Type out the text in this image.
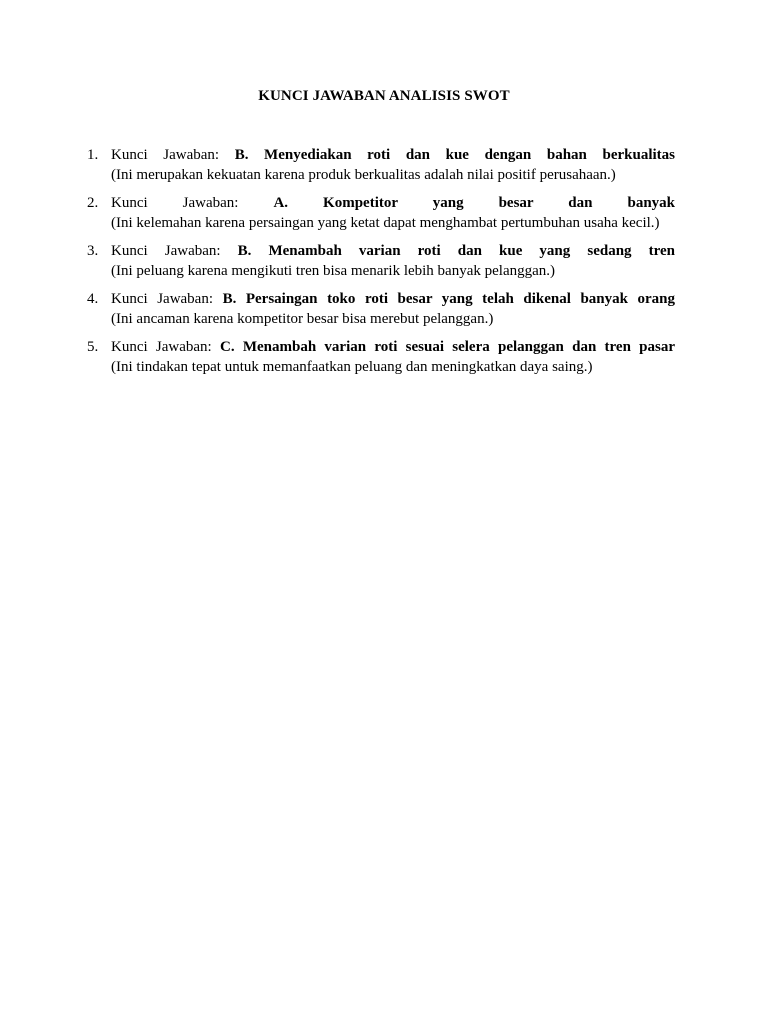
KUNCI JAWABAN ANALISIS SWOT
1. Kunci Jawaban: B. Menyediakan roti dan kue dengan bahan berkualitas
(Ini merupakan kekuatan karena produk berkualitas adalah nilai positif perusahaan.)
2. Kunci Jawaban: A. Kompetitor yang besar dan banyak
(Ini kelemahan karena persaingan yang ketat dapat menghambat pertumbuhan usaha kecil.)
3. Kunci Jawaban: B. Menambah varian roti dan kue yang sedang tren
(Ini peluang karena mengikuti tren bisa menarik lebih banyak pelanggan.)
4. Kunci Jawaban: B. Persaingan toko roti besar yang telah dikenal banyak orang
(Ini ancaman karena kompetitor besar bisa merebut pelanggan.)
5. Kunci Jawaban: C. Menambah varian roti sesuai selera pelanggan dan tren pasar
(Ini tindakan tepat untuk memanfaatkan peluang dan meningkatkan daya saing.)
